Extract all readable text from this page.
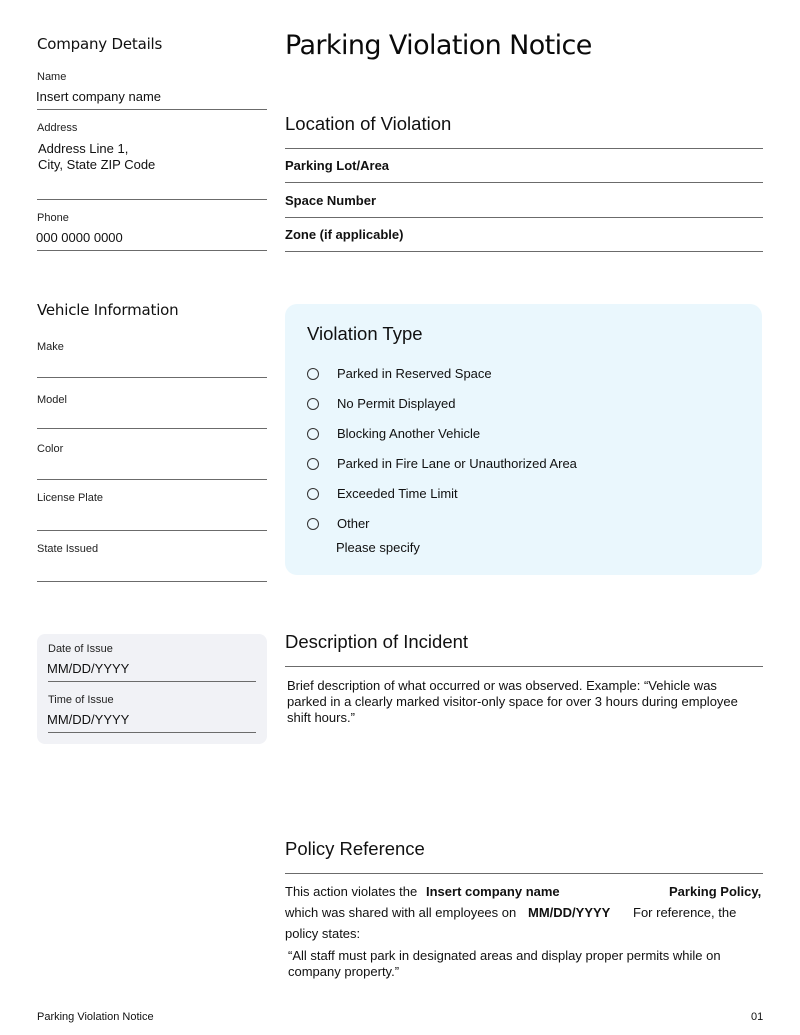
Company Details
Name
Insert company name
Address
Address Line 1,
City, State ZIP Code
Phone
000 0000 0000
Parking Violation Notice
Location of Violation
Parking Lot/Area
Space Number
Zone (if applicable)
Vehicle Information
Make
Model
Color
License Plate
State Issued
Violation Type
Parked in Reserved Space
No Permit Displayed
Blocking Another Vehicle
Parked in Fire Lane or Unauthorized Area
Exceeded Time Limit
Other
Please specify
Date of Issue
MM/DD/YYYY
Time of Issue
MM/DD/YYYY
Description of Incident
Brief description of what occurred or was observed. Example: “Vehicle was parked in a clearly marked visitor-only space for over 3 hours during employee shift hours.”
Policy Reference
This action violates the Insert company name	Parking Policy,
which was shared with all employees on MM/DD/YYYY For reference, the
policy states:
“All staff must park in designated areas and display proper permits while on company property.”
Parking Violation Notice	01
